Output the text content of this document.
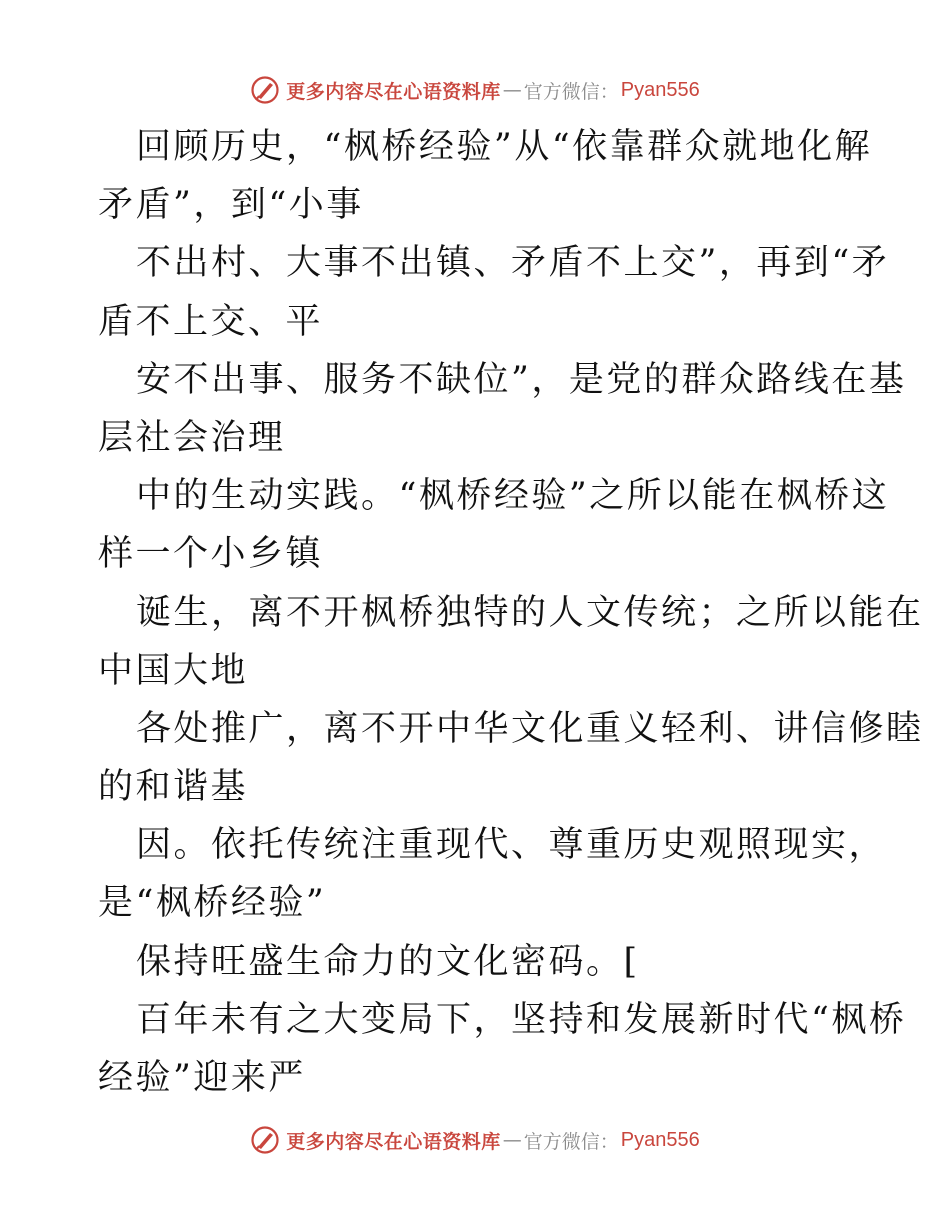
更多内容尽在心语资料库 — 官方微信： Pyan556
回顾历史，“枫桥经验”从“依靠群众就地化解
矛盾”，到“小事
不出村、大事不出镇、矛盾不上交”，再到“矛
盾不上交、平
安不出事、服务不缺位”，是党的群众路线在基
层社会治理
中的生动实践。“枫桥经验”之所以能在枫桥这
样一个小乡镇
诞生，离不开枫桥独特的人文传统；之所以能在
中国大地
各处推广，离不开中华文化重义轻利、讲信修睦
的和谐基
因。依托传统注重现代、尊重历史观照现实，
是“枫桥经验”
保持旺盛生命力的文化密码。[
百年未有之大变局下，坚持和发展新时代“枫桥
经验”迎来严
更多内容尽在心语资料库 — 官方微信： Pyan556
